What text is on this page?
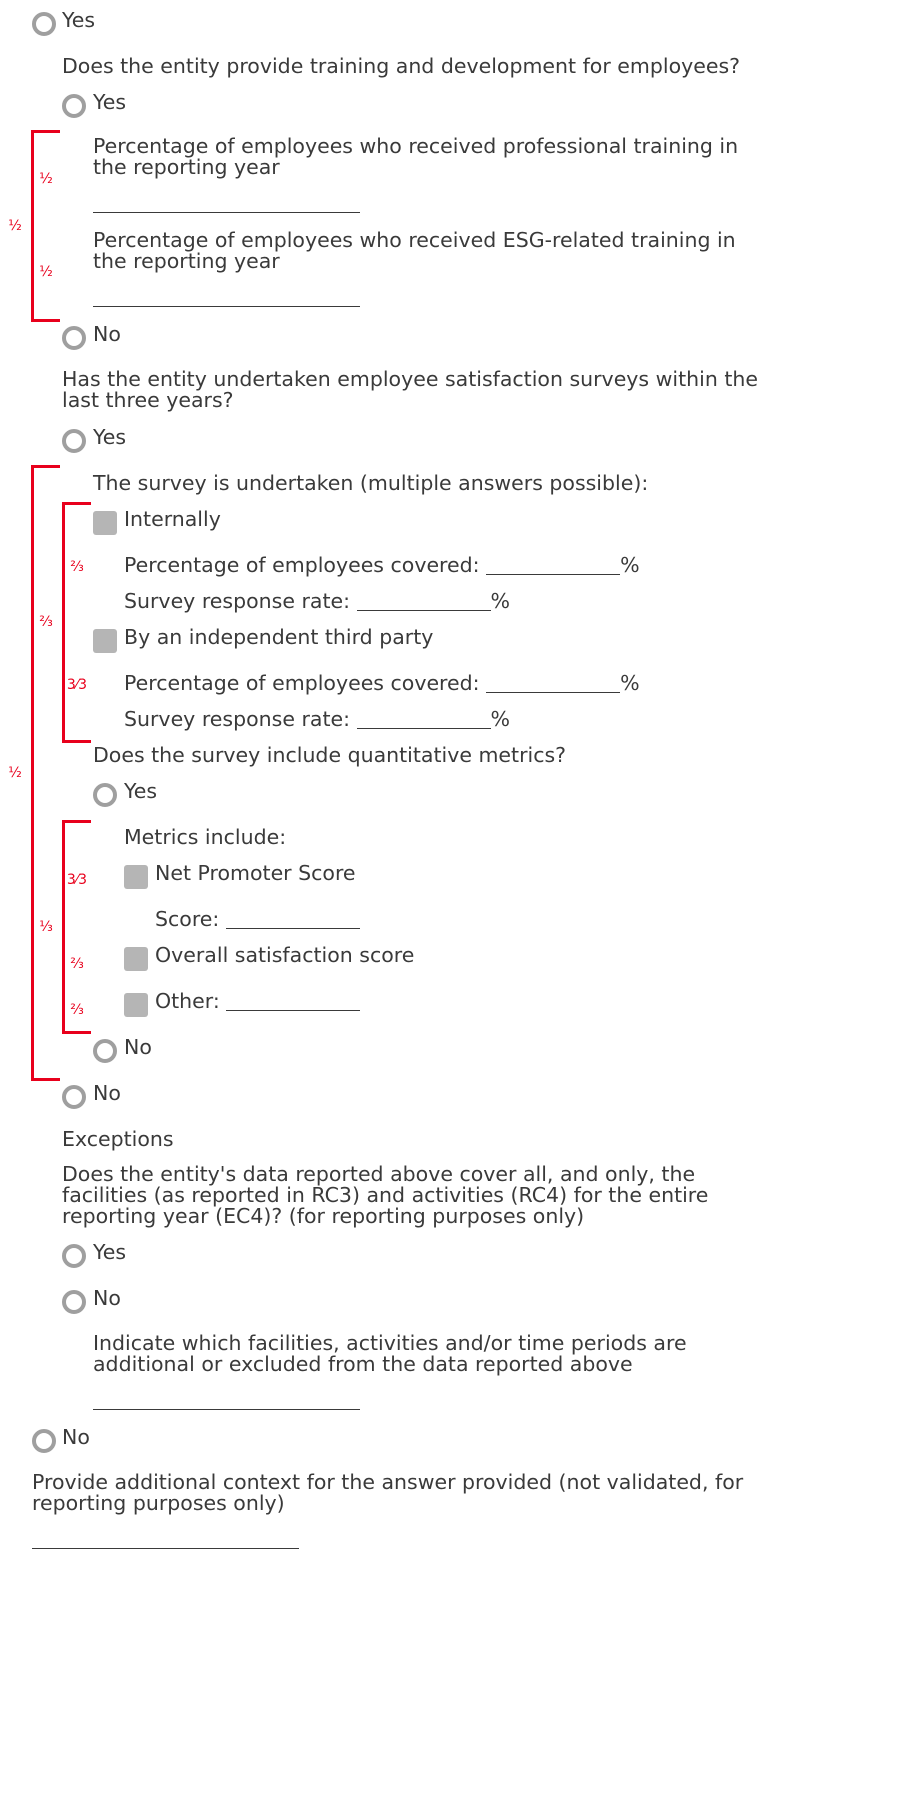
Yes
Does the entity provide training and development for employees?
Yes
Percentage of employees who received professional training in the reporting year
Percentage of employees who received ESG-related training in the reporting year
No
Has the entity undertaken employee satisfaction surveys within the last three years?
Yes
The survey is undertaken (multiple answers possible):
Internally
Percentage of employees covered:	%
Survey response rate:	%
By an independent third party
Percentage of employees covered:	%
Survey response rate:	%
Does the survey include quantitative metrics?
Yes
Metrics include:
Net Promoter Score
Score:
Overall satisfaction score
Other:
No
No
Exceptions
Does the entity's data reported above cover all, and only, the facilities (as reported in RC3) and activities (RC4) for the entire reporting year (EC4)? (for reporting purposes only)
Yes
No
Indicate which facilities, activities and/or time periods are additional or excluded from the data reported above
No
Provide additional context for the answer provided (not validated, for reporting purposes only)
½
½
½
½
⅔
⅔
3⁄3
⅓
3⁄3
⅔
⅔
